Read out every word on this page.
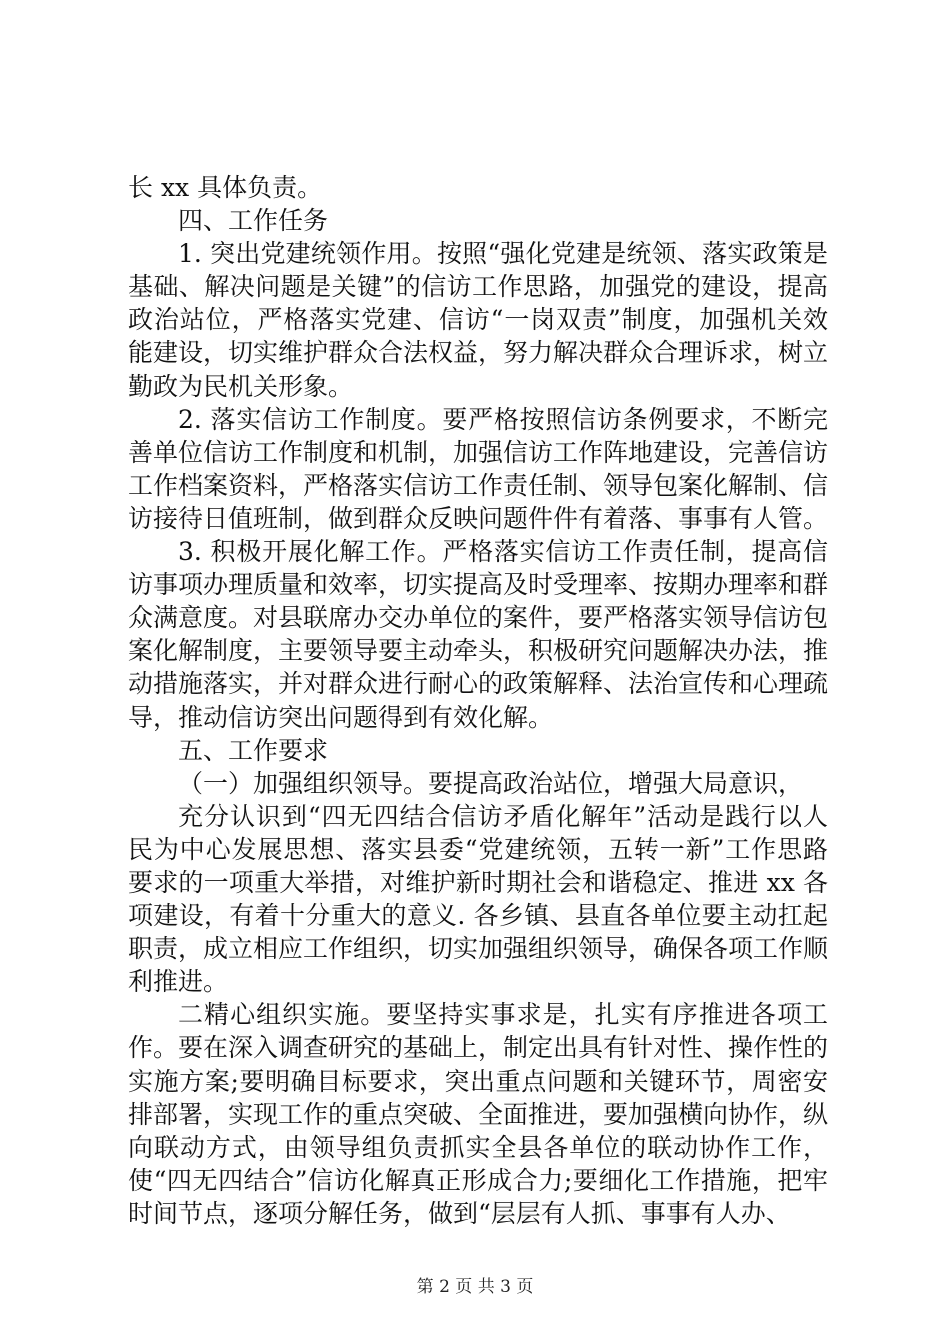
长 xx 具体负责。

四、工作任务

1. 突出党建统领作用。按照“强化党建是统领、落实政策是基础、解决问题是关键”的信访工作思路，加强党的建设，提高政治站位，严格落实党建、信访“一岗双责”制度，加强机关效能建设，切实维护群众合法权益，努力解决群众合理诉求，树立勤政为民机关形象。

2. 落实信访工作制度。要严格按照信访条例要求，不断完善单位信访工作制度和机制，加强信访工作阵地建设，完善信访工作档案资料，严格落实信访工作责任制、领导包案化解制、信访接待日值班制，做到群众反映问题件件有着落、事事有人管。

3. 积极开展化解工作。严格落实信访工作责任制，提高信访事项办理质量和效率，切实提高及时受理率、按期办理率和群众满意度。对县联席办交办单位的案件，要严格落实领导信访包案化解制度，主要领导要主动牵头，积极研究问题解决办法，推动措施落实，并对群众进行耐心的政策解释、法治宣传和心理疏导，推动信访突出问题得到有效化解。

五、工作要求

（一）加强组织领导。要提高政治站位，增强大局意识，

充分认识到“四无四结合信访矛盾化解年”活动是践行以人民为中心发展思想、落实县委“党建统领，五转一新”工作思路要求的一项重大举措，对维护新时期社会和谐稳定、推进 xx 各项建设，有着十分重大的意义. 各乡镇、县直各单位要主动扛起职责，成立相应工作组织，切实加强组织领导，确保各项工作顺利推进。

二精心组织实施。要坚持实事求是，扎实有序推进各项工作。要在深入调查研究的基础上，制定出具有针对性、操作性的实施方案;要明确目标要求，突出重点问题和关键环节，周密安排部署，实现工作的重点突破、全面推进，要加强横向协作，纵向联动方式，由领导组负责抓实全县各单位的联动协作工作，使“四无四结合”信访化解真正形成合力;要细化工作措施，把牢时间节点，逐项分解任务，做到“层层有人抓、事事有人办、

第 2 页 共 3 页
